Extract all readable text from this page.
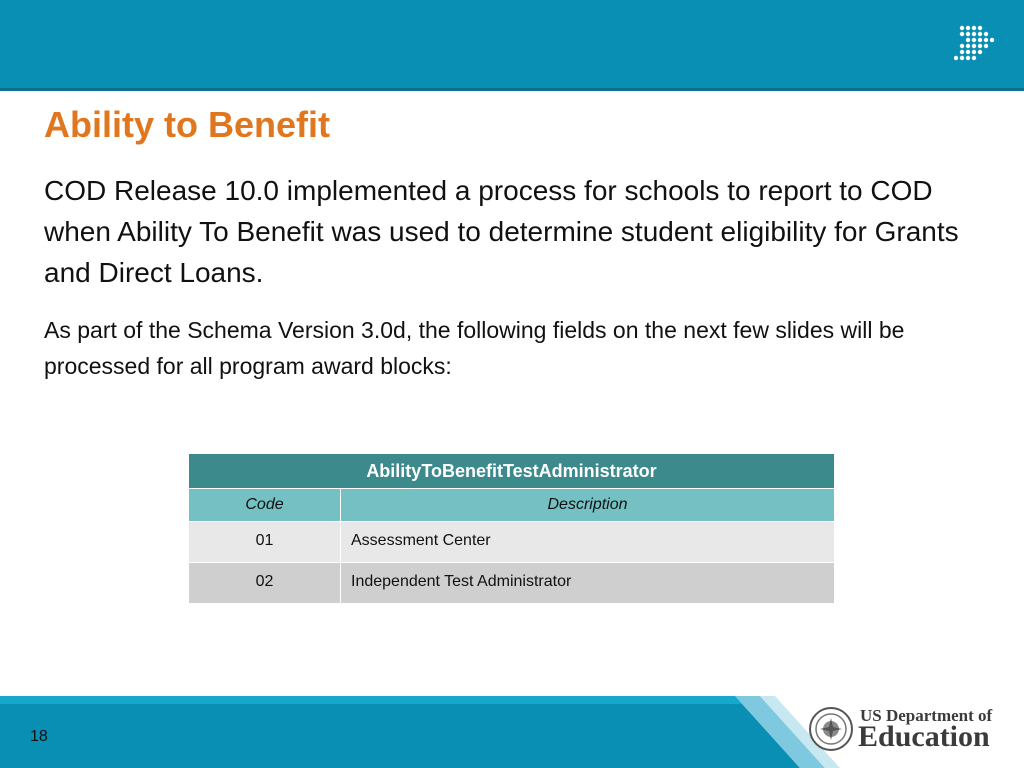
Ability to Benefit

COD Release 10.0 implemented a process for schools to report to COD when Ability To Benefit was used to determine student eligibility for Grants and Direct Loans.

As part of the Schema Version 3.0d, the following fields on the next few slides will be processed for all program award blocks:

AbilityToBenefitTestAdministrator	
Code	Description
01	Assessment Center
02	Independent Test Administrator
18
US Department of
Education
